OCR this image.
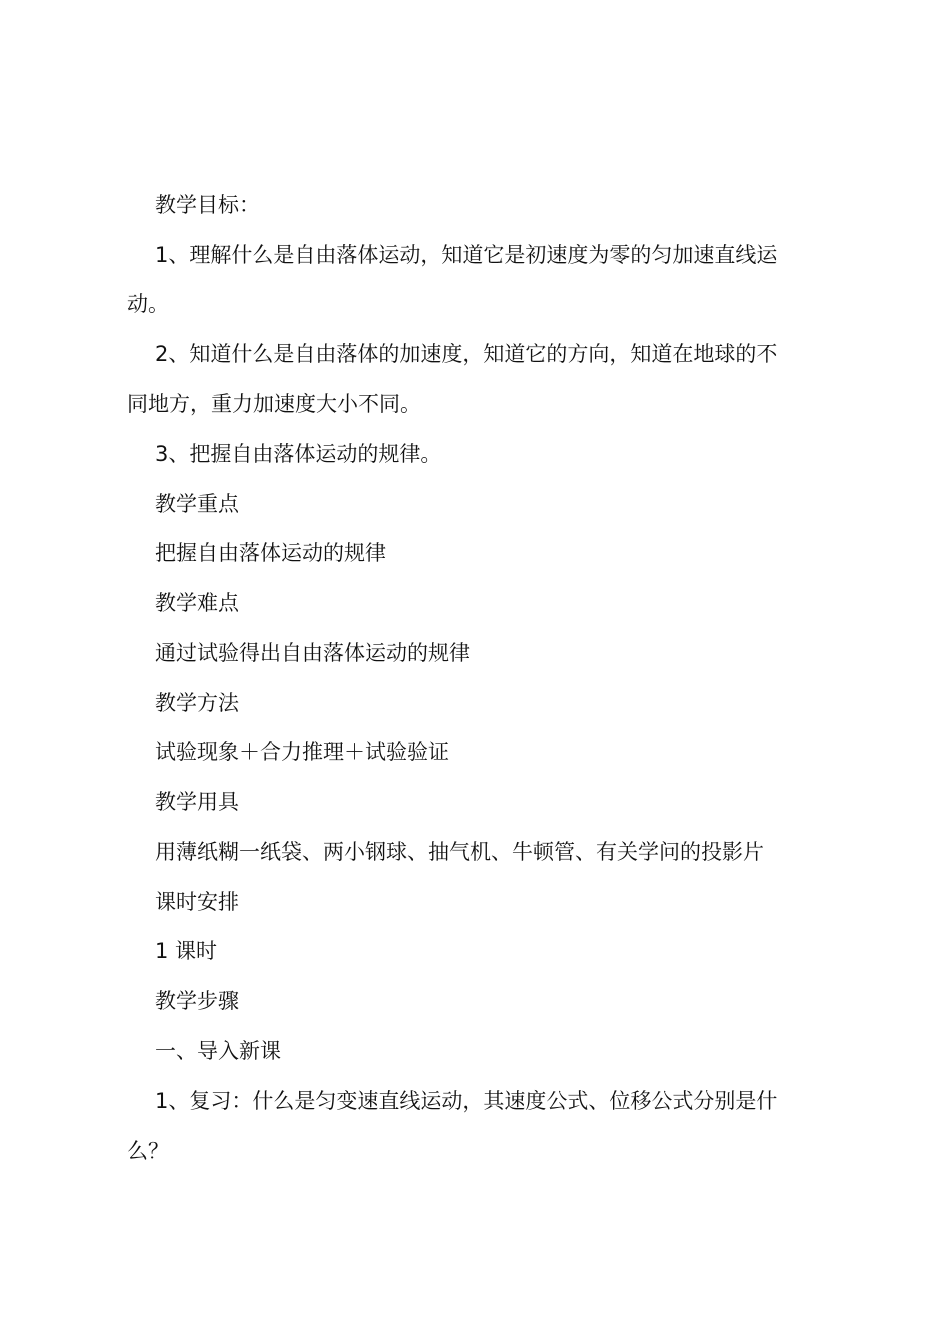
教学目标：
1、理解什么是自由落体运动，知道它是初速度为零的匀加速直线运
动。
2、知道什么是自由落体的加速度，知道它的方向，知道在地球的不
同地方，重力加速度大小不同。
3、把握自由落体运动的规律。
教学重点
把握自由落体运动的规律
教学难点
通过试验得出自由落体运动的规律
教学方法
试验现象＋合力推理＋试验验证
教学用具
用薄纸糊一纸袋、两小钢球、抽气机、牛顿管、有关学问的投影片
课时安排
1 课时
教学步骤
一、导入新课
1、复习：什么是匀变速直线运动，其速度公式、位移公式分别是什
么？
